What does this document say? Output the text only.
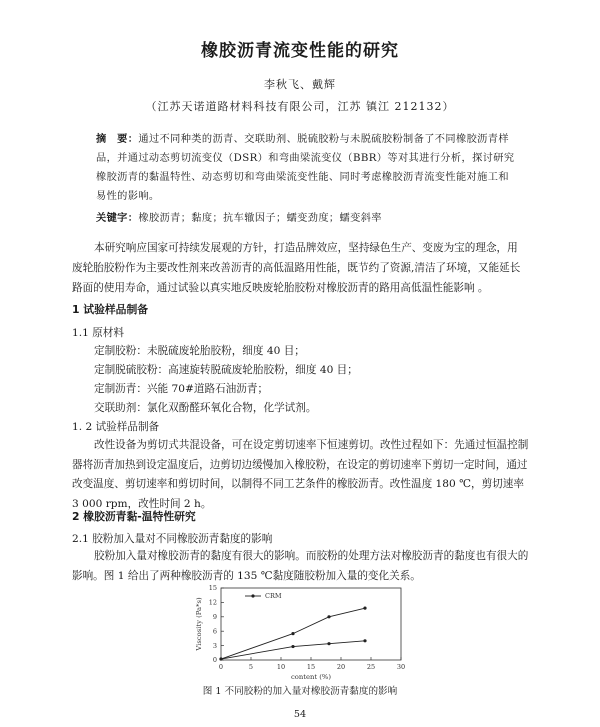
橡胶沥青流变性能的研究
李秋飞、戴辉
（江苏天诺道路材料科技有限公司，江苏 镇江 212132）
摘　要：通过不同种类的沥青、交联助剂、脱硫胶粉与未脱硫胶粉制备了不同橡胶沥青样品，并通过动态剪切流变仪（DSR）和弯曲梁流变仪（BBR）等对其进行分析，探讨研究橡胶沥青的黏温特性、动态剪切和弯曲梁流变性能、同时考虑橡胶沥青流变性能对施工和易性的影响。
关键字：橡胶沥青；黏度；抗车辙因子；蠕变劲度；蠕变斜率
本研究响应国家可持续发展观的方针，打造品牌效应，坚持绿色生产、变废为宝的理念，用废轮胎胶粉作为主要改性剂来改善沥青的高低温路用性能，既节约了资源,清洁了环境，又能延长路面的使用寿命，通过试验以真实地反映废轮胎胶粉对橡胶沥青的路用高低温性能影响 。
1 试验样品制备
1.1 原材料
定制胶粉：未脱硫废轮胎胶粉，细度 40 目；
定制脱硫胶粉：高速旋转脱硫废轮胎胶粉，细度 40 目；
定制沥青：兴能 70#道路石油沥青；
交联助剂：氯化双酚醛环氧化合物，化学试剂。
1. 2 试验样品制备
改性设备为剪切式共混设备，可在设定剪切速率下恒速剪切。改性过程如下：先通过恒温控制器将沥青加热到设定温度后，边剪切边缓慢加入橡胶粉，在设定的剪切速率下剪切一定时间，通过改变温度、剪切速率和剪切时间，以制得不同工艺条件的橡胶沥青。改性温度 180 ℃，剪切速率 3 000 rpm，改性时间 2 h。
2 橡胶沥青黏-温特性研究
2.1 胶粉加入量对不同橡胶沥青黏度的影响
胶粉加入量对橡胶沥青的黏度有很大的影响。而胶粉的处理方法对橡胶沥青的黏度也有很大的影响。图 1 给出了两种橡胶沥青的 135 ℃黏度随胶粉加入量的变化关系。
0	5	10	15	20	25	30
0
3
6
9
12
15
content (%)
Viscosity (Pa*s)
CRM
图 1 不同胶粉的加入量对橡胶沥青黏度的影响
54
